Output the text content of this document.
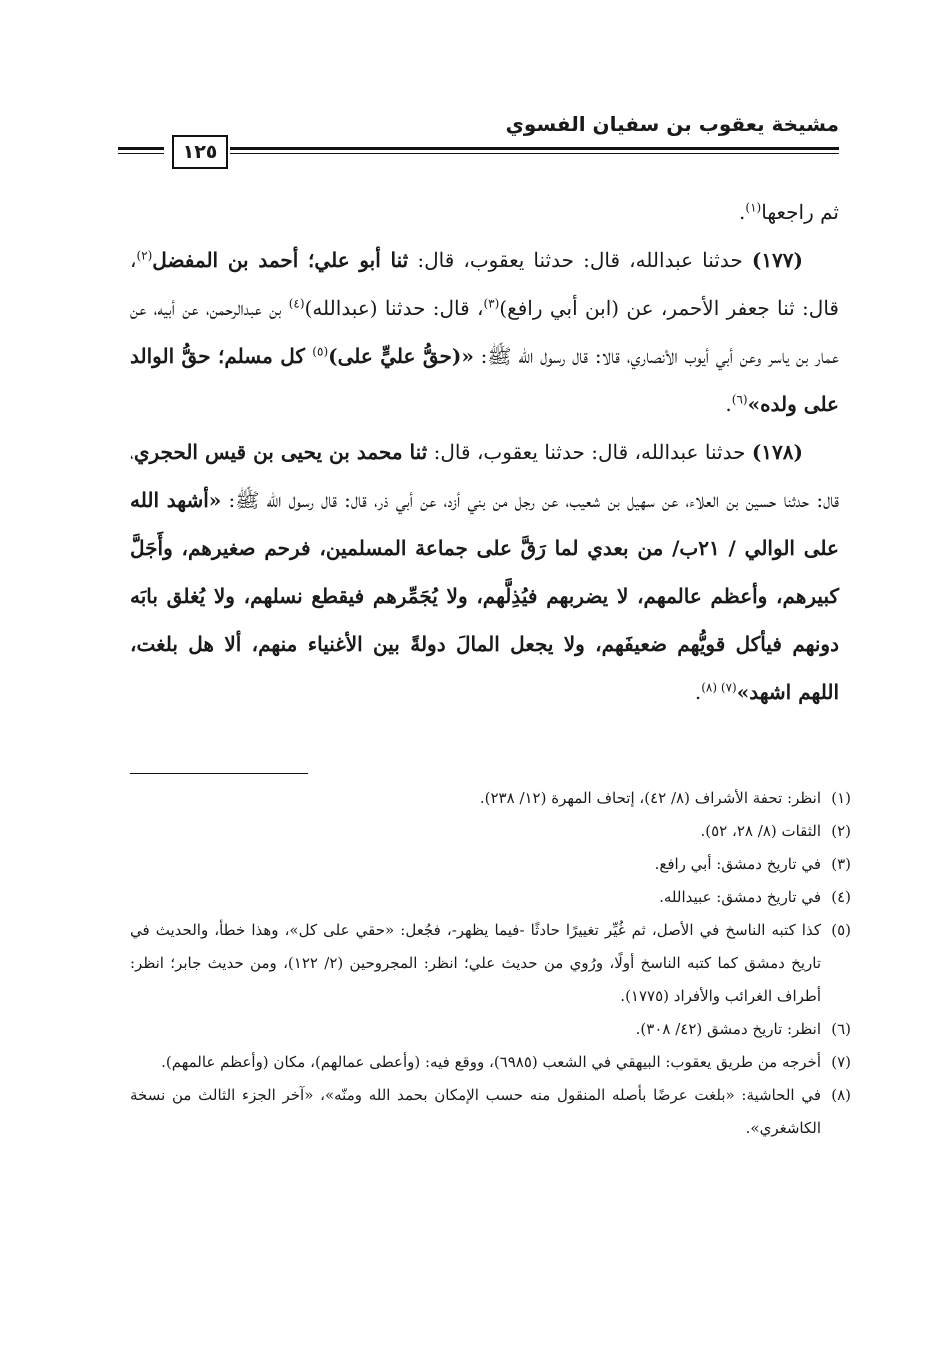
مشيخة يعقوب بن سفيان الفسوي
١٢٥

ثم راجعها$^{(١)}$.

(١٧٧) حدثنا عبدالله، قال: حدثنا يعقوب، قال: ثنا أبو علي؛ أحمد بن المفضل$^{(٢)}$، قال: ثنا جعفر الأحمر، عن (ابن أبي رافع)$^{(٣)}$، قال: حدثنا (عبدالله)$^{(٤)}$ بن عبدالرحمن، عن أبيه، عن عمار بن ياسر وعن أبي أيوب الأنصاري، قالا: قال رسول الله ﷺ: «(حقُّ عليٍّ على)$^{(٥)}$ كل مسلم؛ حقُّ الوالد على ولده»$^{(٦)}$.

(١٧٨) حدثنا عبدالله، قال: حدثنا يعقوب، قال: ثنا محمد بن يحيى بن قيس الحجري، قال: حدثنا حسين بن العلاء، عن سهيل بن شعيب، عن رجل من بني أزد، عن أبي ذر، قال: قال رسول الله ﷺ: «أشهد الله على الوالي / ٢١ب/ من بعدي لما رَقَّ على جماعة المسلمين، فرحم صغيرهم، وأَجَلَّ كبيرهم، وأعظم عالمهم، لا يضربهم فيُذِلَّهم، ولا يُجَمِّرهم فيقطع نسلهم، ولا يُغلق بابَه دونهم فيأكل قويُّهم ضعيفَهم، ولا يجعل المالَ دولةً بين الأغنياء منهم، ألا هل بلغت، اللهم اشهد»$^{(٧) (٨)}$.

(١)انظر: تحفة الأشراف (٨/ ٤٢)، إتحاف المهرة (١٢/ ٢٣٨).

(٢)الثقات (٨/ ٢٨، ٥٢).

(٣)في تاريخ دمشق: أبي رافع.

(٤)في تاريخ دمشق: عبيدالله.

(٥)كذا كتبه الناسخ في الأصل، ثم غُيِّر تغييرًا حادثًا -فيما يظهر-، فجُعل: «حقي على كل»، وهذا خطأ، والحديث في تاريخ دمشق كما كتبه الناسخ أولًا، ورُوي من حديث علي؛ انظر: المجروحين (٢/ ١٢٢)، ومن حديث جابر؛ انظر: أطراف الغرائب والأفراد (١٧٧٥).

(٦)انظر: تاريخ دمشق (٤٢/ ٣٠٨).

(٧)أخرجه من طريق يعقوب: البيهقي في الشعب (٦٩٨٥)، ووقع فيه: (وأعطى عمالهم)، مكان (وأعظم عالمهم).

(٨)في الحاشية: «بلغت عرضًا بأصله المنقول منه حسب الإمكان بحمد الله ومنّه»، «آخر الجزء الثالث من نسخة الكاشغري».
